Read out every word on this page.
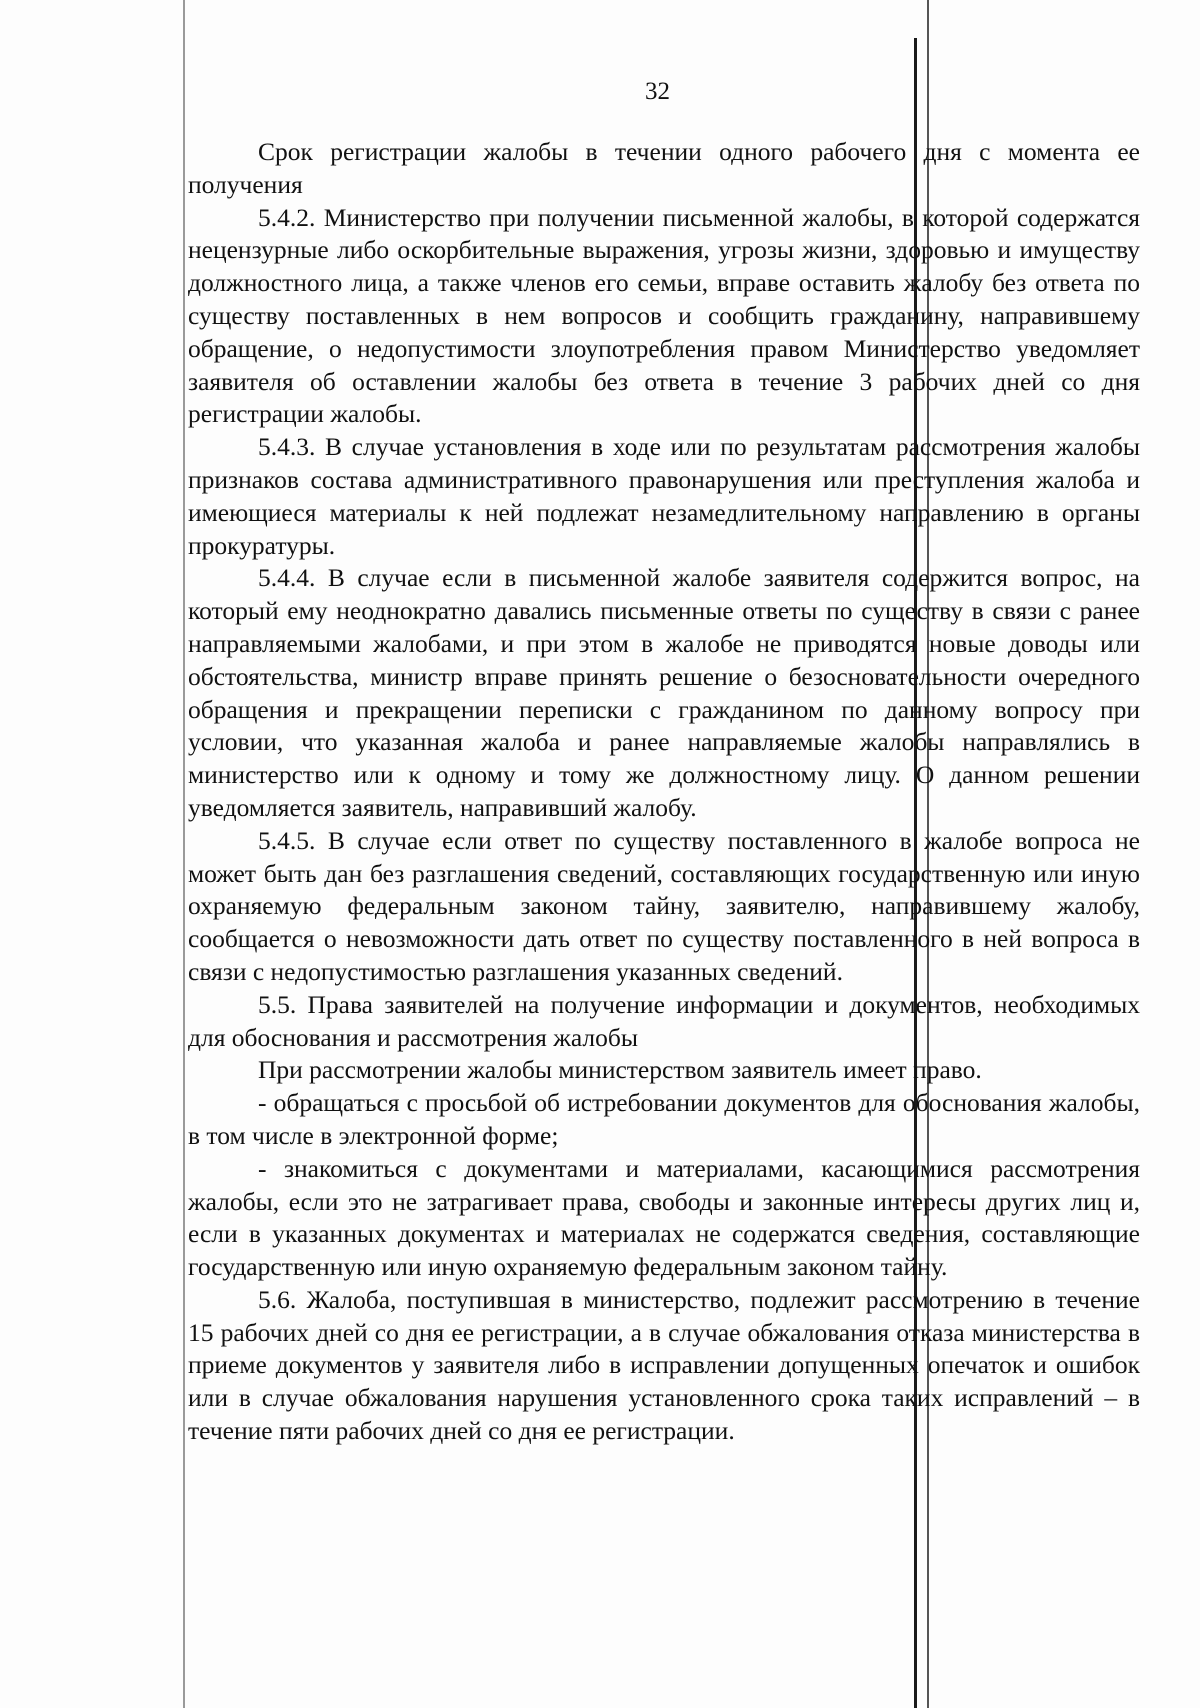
32

Срок регистрации жалобы в течении одного рабочего дня с момента ее получения

5.4.2. Министерство при получении письменной жалобы, в которой содержатся нецензурные либо оскорбительные выражения, угрозы жизни, здоровью и имуществу должностного лица, а также членов его семьи, вправе оставить жалобу без ответа по существу поставленных в нем вопросов и сообщить гражданину, направившему обращение, о недопустимости злоупотребления правом Министерство уведомляет заявителя об оставлении жалобы без ответа в течение 3 рабочих дней со дня регистрации жалобы.

5.4.3. В случае установления в ходе или по результатам рассмотрения жалобы признаков состава административного правонарушения или преступления жалоба и имеющиеся материалы к ней подлежат незамедлительному направлению в органы прокуратуры.

5.4.4. В случае если в письменной жалобе заявителя содержится вопрос, на который ему неоднократно давались письменные ответы по существу в связи с ранее направляемыми жалобами, и при этом в жалобе не приводятся новые доводы или обстоятельства, министр вправе принять решение о безосновательности очередного обращения и прекращении переписки с гражданином по данному вопросу при условии, что указанная жалоба и ранее направляемые жалобы направлялись в министерство или к одному и тому же должностному лицу. О данном решении уведомляется заявитель, направивший жалобу.

5.4.5. В случае если ответ по существу поставленного в жалобе вопроса не может быть дан без разглашения сведений, составляющих государственную или иную охраняемую федеральным законом тайну, заявителю, направившему жалобу, сообщается о невозможности дать ответ по существу поставленного в ней вопроса в связи с недопустимостью разглашения указанных сведений.

5.5. Права заявителей на получение информации и документов, необходимых для обоснования и рассмотрения жалобы

При рассмотрении жалобы министерством заявитель имеет право.

- обращаться с просьбой об истребовании документов для обоснования жалобы, в том числе в электронной форме;

- знакомиться с документами и материалами, касающимися рассмотрения жалобы, если это не затрагивает права, свободы и законные интересы других лиц и, если в указанных документах и материалах не содержатся сведения, составляющие государственную или иную охраняемую федеральным законом тайну.

5.6. Жалоба, поступившая в министерство, подлежит рассмотрению в течение 15 рабочих дней со дня ее регистрации, а в случае обжалования отказа министерства в приеме документов у заявителя либо в исправлении допущенных опечаток и ошибок или в случае обжалования нарушения установленного срока таких исправлений – в течение пяти рабочих дней со дня ее регистрации.
